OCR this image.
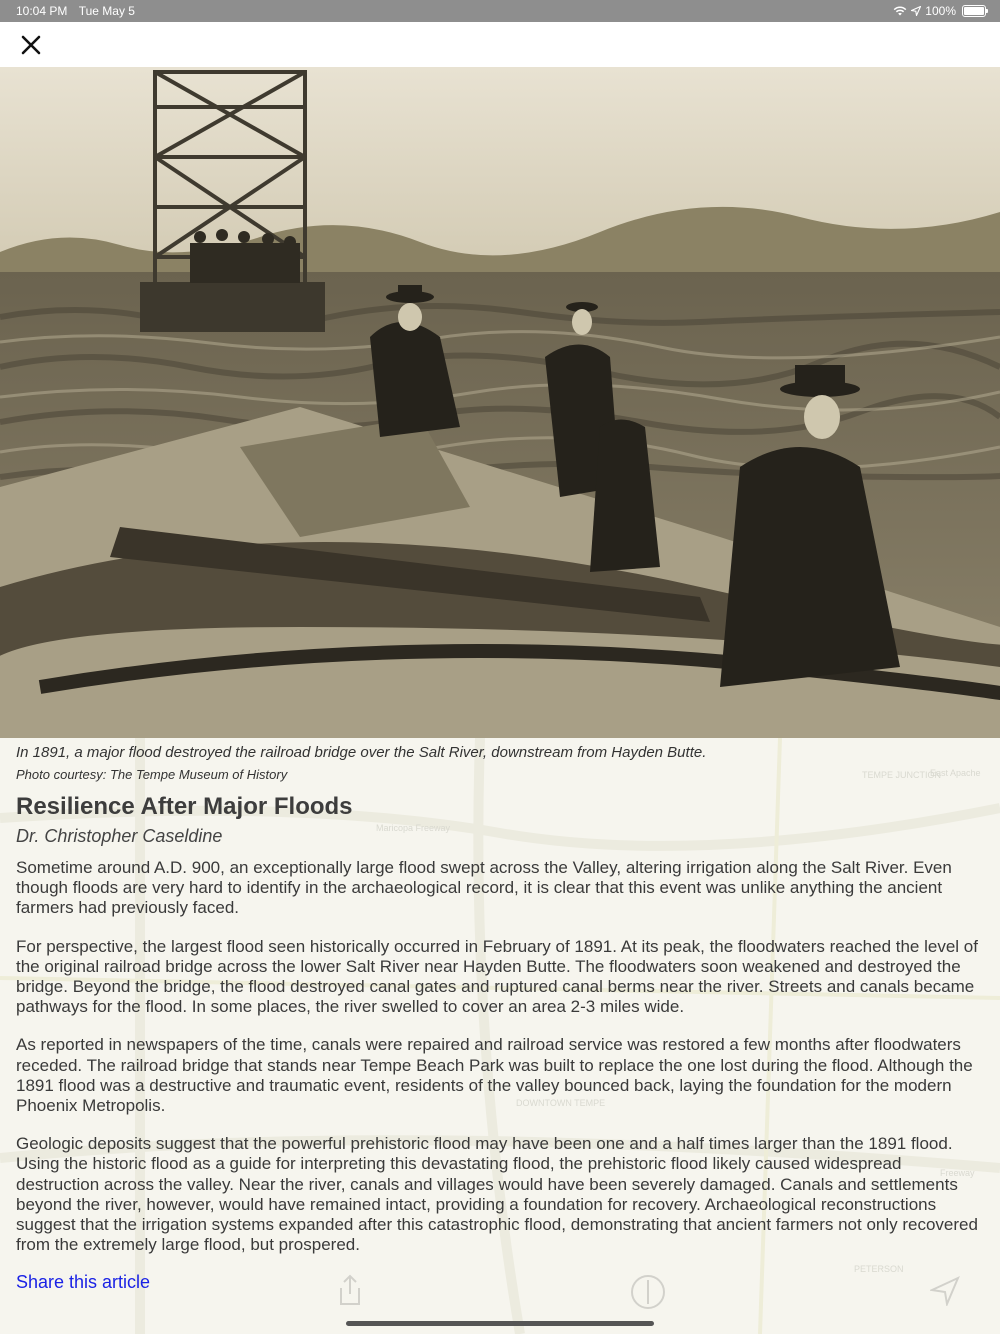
10:04 PM Tue May 5	100%
TEMPE JUNCTION
East Apache
Maricopa Freeway
DOWNTOWN TEMPE
Freeway
PETERSON

In 1891, a major flood destroyed the railroad bridge over the Salt River, downstream from Hayden Butte.

Photo courtesy: The Tempe Museum of History

Resilience After Major Floods

Dr. Christopher Caseldine

Sometime around A.D. 900, an exceptionally large flood swept across the Valley, altering irrigation along the Salt River. Even though floods are very hard to identify in the archaeological record, it is clear that this event was unlike anything the ancient farmers had previously faced.

For perspective, the largest flood seen historically occurred in February of 1891. At its peak, the floodwaters reached the level of the original railroad bridge across the lower Salt River near Hayden Butte. The floodwaters soon weakened and destroyed the bridge. Beyond the bridge, the flood destroyed canal gates and ruptured canal berms near the river. Streets and canals became pathways for the flood. In some places, the river swelled to cover an area 2-3 miles wide.

As reported in newspapers of the time, canals were repaired and railroad service was restored a few months after floodwaters receded. The railroad bridge that stands near Tempe Beach Park was built to replace the one lost during the flood. Although the 1891 flood was a destructive and traumatic event, residents of the valley bounced back, laying the foundation for the modern Phoenix Metropolis.

Geologic deposits suggest that the powerful prehistoric flood may have been one and a half times larger than the 1891 flood. Using the historic flood as a guide for interpreting this devastating flood, the prehistoric flood likely caused widespread destruction across the valley. Near the river, canals and villages would have been severely damaged. Canals and settlements beyond the river, however, would have remained intact, providing a foundation for recovery. Archaeological reconstructions suggest that the irrigation systems expanded after this catastrophic flood, demonstrating that ancient farmers not only recovered from the extremely large flood, but prospered.

Share this article
